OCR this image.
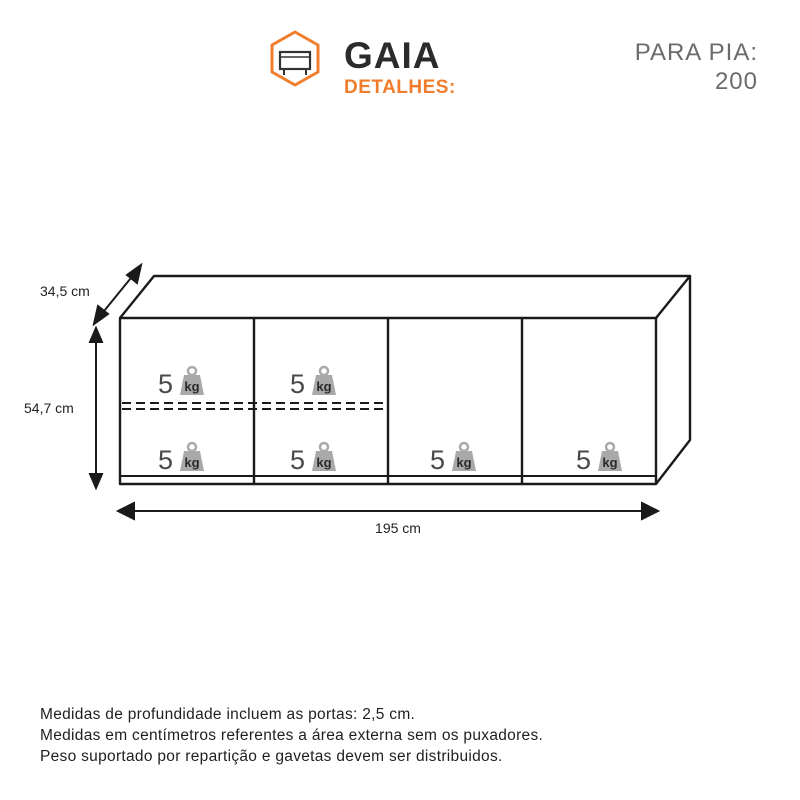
GAIA
DETALHES:
PARA PIA:
200
34,5 cm
54,7 cm
195 cm
5 kg	5 kg
5 kg	5 kg	5 kg	5 kg
Medidas de profundidade incluem as portas: 2,5 cm.
Medidas em centímetros referentes a área externa sem os puxadores.
Peso suportado por repartição e gavetas devem ser distribuidos.
